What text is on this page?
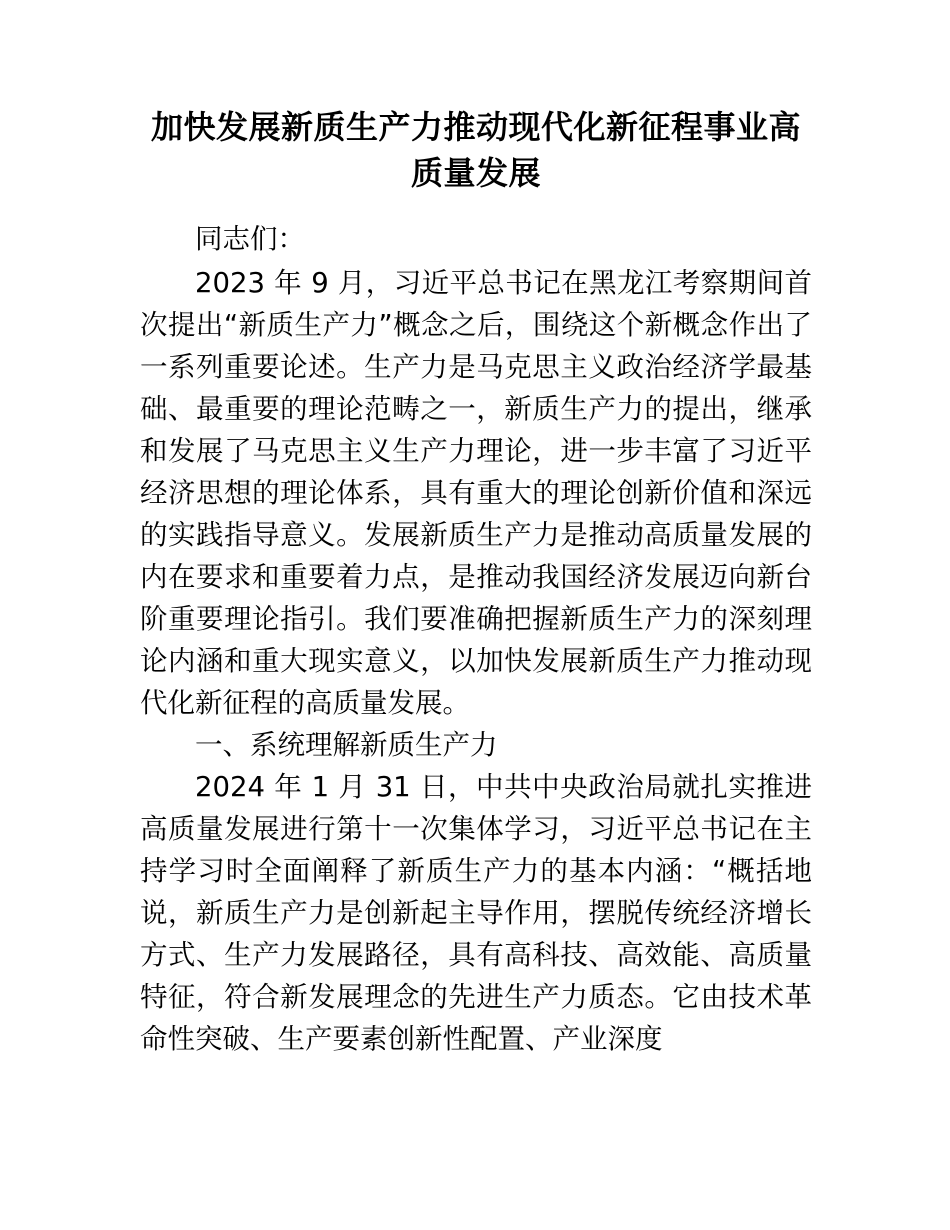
加快发展新质生产力推动现代化新征程事业高质量发展

同志们：

2023 年 9 月，习近平总书记在黑龙江考察期间首次提出“新质生产力”概念之后，围绕这个新概念作出了一系列重要论述。生产力是马克思主义政治经济学最基础、最重要的理论范畴之一，新质生产力的提出，继承和发展了马克思主义生产力理论，进一步丰富了习近平经济思想的理论体系，具有重大的理论创新价值和深远的实践指导意义。发展新质生产力是推动高质量发展的内在要求和重要着力点，是推动我国经济发展迈向新台阶重要理论指引。我们要准确把握新质生产力的深刻理论内涵和重大现实意义，以加快发展新质生产力推动现代化新征程的高质量发展。

一、系统理解新质生产力

2024 年 1 月 31 日，中共中央政治局就扎实推进高质量发展进行第十一次集体学习，习近平总书记在主持学习时全面阐释了新质生产力的基本内涵：“概括地说，新质生产力是创新起主导作用，摆脱传统经济增长方式、生产力发展路径，具有高科技、高效能、高质量特征，符合新发展理念的先进生产力质态。它由技术革命性突破、生产要素创新性配置、产业深度
